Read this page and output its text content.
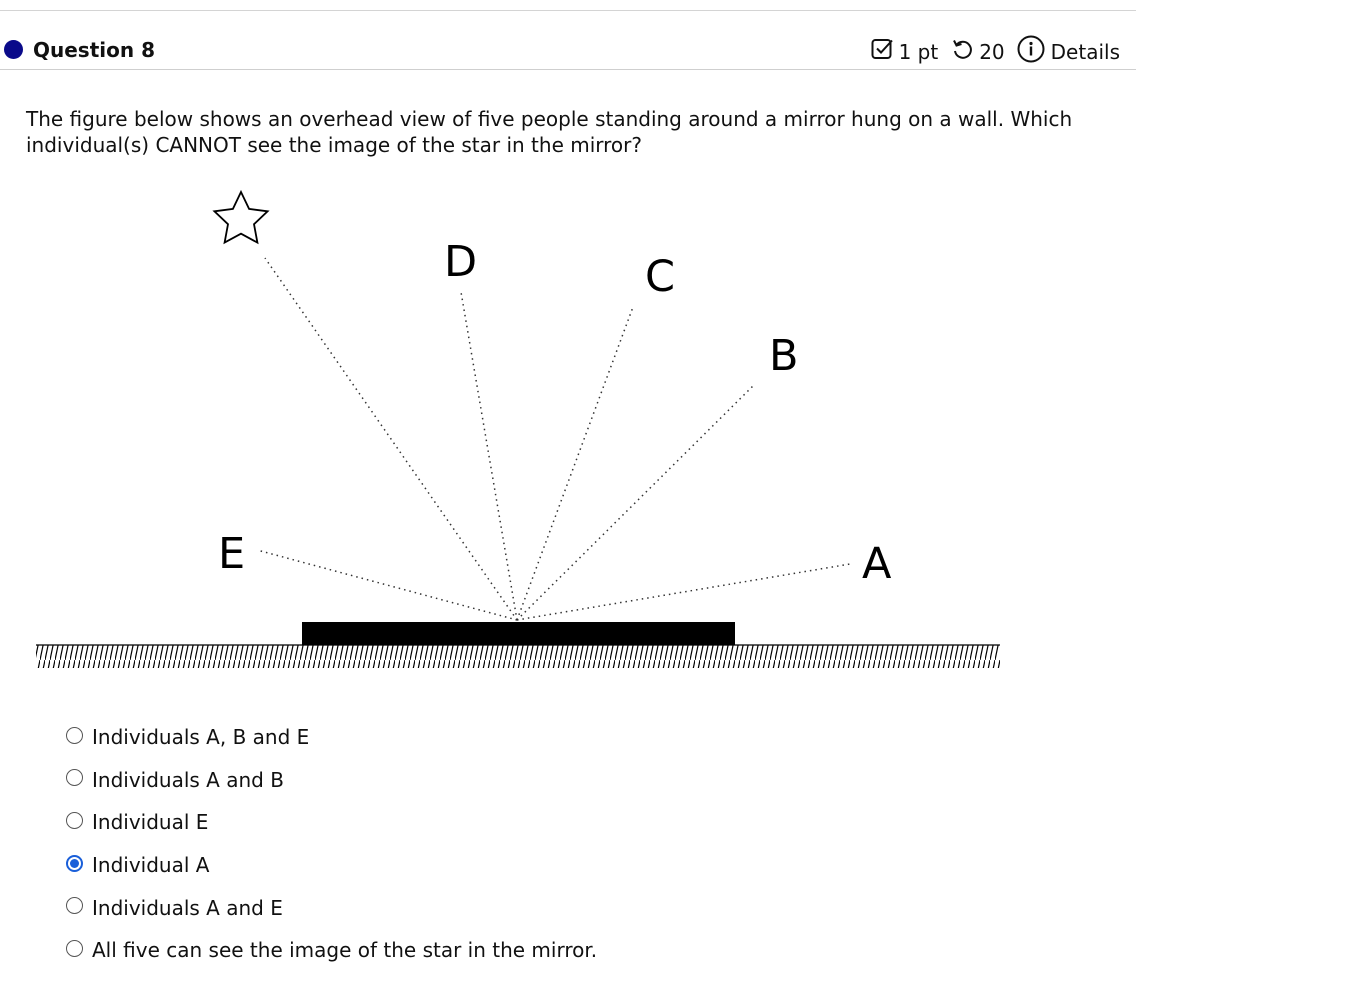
Question 8	1 pt 20 Details
The figure below shows an overhead view of five people standing around a mirror hung on a wall. Which individual(s) CANNOT see the image of the star in the mirror?
D	C
B
E	A
Individuals A, B and E
Individuals A and B
Individual E
Individual A
Individuals A and E
All five can see the image of the star in the mirror.
